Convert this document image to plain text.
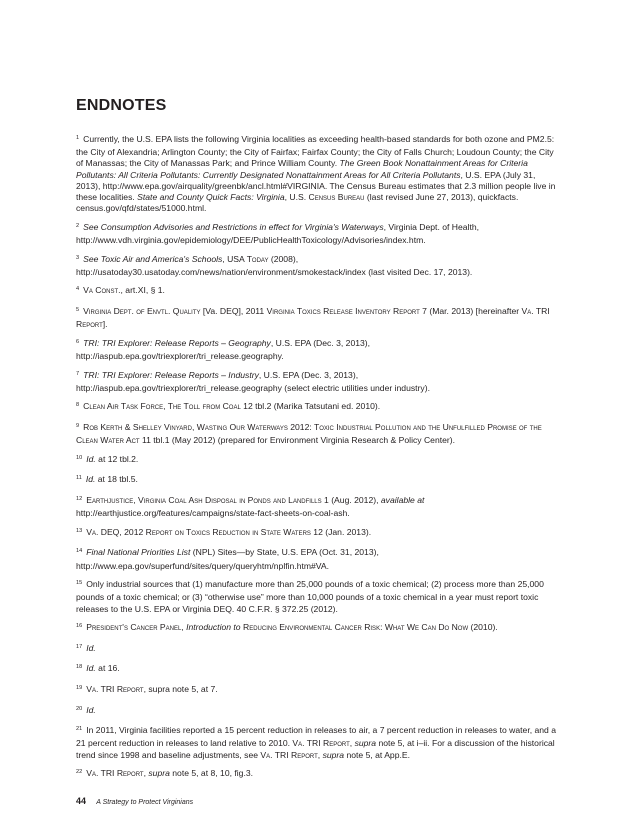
ENDNOTES

$^1$ Currently, the U.S. EPA lists the following Virginia localities as exceeding health-based standards for both ozone and PM2.5: the City of Alexandria; Arlington County; the City of Fairfax; Fairfax County; the City of Falls Church; Loudoun County; the City of Manassas; the City of Manassas Park; and Prince William County. The Green Book Nonattainment Areas for Criteria Pollutants: All Criteria Pollutants: Currently Designated Nonattainment Areas for All Criteria Pollutants, U.S. EPA (July 31, 2013), http://www.epa.gov/airquality/greenbk/ancl.html#VIRGINIA. The Census Bureau estimates that 2.3 million people live in these localities. State and County Quick Facts: Virginia, U.S. Census Bureau (last revised June 27, 2013), quickfacts. census.gov/qfd/states/51000.html.

$^2$ See Consumption Advisories and Restrictions in effect for Virginia's Waterways, Virginia Dept. of Health, http://www.vdh.virginia.gov/epidemiology/DEE/PublicHealthToxicology/Advisories/index.htm.

$^3$ See Toxic Air and America's Schools, USA Today (2008), http://usatoday30.usatoday.com/news/nation/environment/smokestack/index (last visited Dec. 17, 2013).

$^4$ Va Const., art.XI, § 1.

$^5$ Virginia Dept. of Envtl. Quality [Va. DEQ], 2011 Virginia Toxics Release Inventory Report 7 (Mar. 2013) [hereinafter Va. TRI Report].

$^6$ TRI: TRI Explorer: Release Reports – Geography, U.S. EPA (Dec. 3, 2013), http://iaspub.epa.gov/triexplorer/tri_release.geography.

$^7$ TRI: TRI Explorer: Release Reports – Industry, U.S. EPA (Dec. 3, 2013), http://iaspub.epa.gov/triexplorer/tri_release.geography (select electric utilities under industry).

$^8$ Clean Air Task Force, The Toll from Coal 12 tbl.2 (Marika Tatsutani ed. 2010).

$^9$ Rob Kerth & Shelley Vinyard, Wasting Our Waterways 2012: Toxic Industrial Pollution and the Unfulfilled Promise of the Clean Water Act 11 tbl.1 (May 2012) (prepared for Environment Virginia Research & Policy Center).

$^{10}$ Id. at 12 tbl.2.

$^{11}$ Id. at 18 tbl.5.

$^{12}$ Earthjustice, Virginia Coal Ash Disposal in Ponds and Landfills 1 (Aug. 2012), available at http://earthjustice.org/features/campaigns/state-fact-sheets-on-coal-ash.

$^{13}$ Va. DEQ, 2012 Report on Toxics Reduction in State Waters 12 (Jan. 2013).

$^{14}$ Final National Priorities List (NPL) Sites—by State, U.S. EPA (Oct. 31, 2013), http://www.epa.gov/superfund/sites/query/queryhtm/nplfin.htm#VA.

$^{15}$ Only industrial sources that (1) manufacture more than 25,000 pounds of a toxic chemical; (2) process more than 25,000 pounds of a toxic chemical; or (3) “otherwise use” more than 10,000 pounds of a toxic chemical in a year must report toxic releases to the U.S. EPA or Virginia DEQ. 40 C.F.R. § 372.25 (2012).

$^{16}$ President's Cancer Panel, Introduction to Reducing Environmental Cancer Risk: What We Can Do Now (2010).

$^{17}$ Id.

$^{18}$ Id. at 16.

$^{19}$ Va. TRI Report, supra note 5, at 7.

$^{20}$ Id.

$^{21}$ In 2011, Virginia facilities reported a 15 percent reduction in releases to air, a 7 percent reduction in releases to water, and a 21 percent reduction in releases to land relative to 2010. Va. TRI Report, supra note 5, at i–ii. For a discussion of the historical trend since 1998 and baseline adjustments, see Va. TRI Report, supra note 5, at App.E.

$^{22}$ Va. TRI Report, supra note 5, at 8, 10, fig.3.

44 A Strategy to Protect Virginians
